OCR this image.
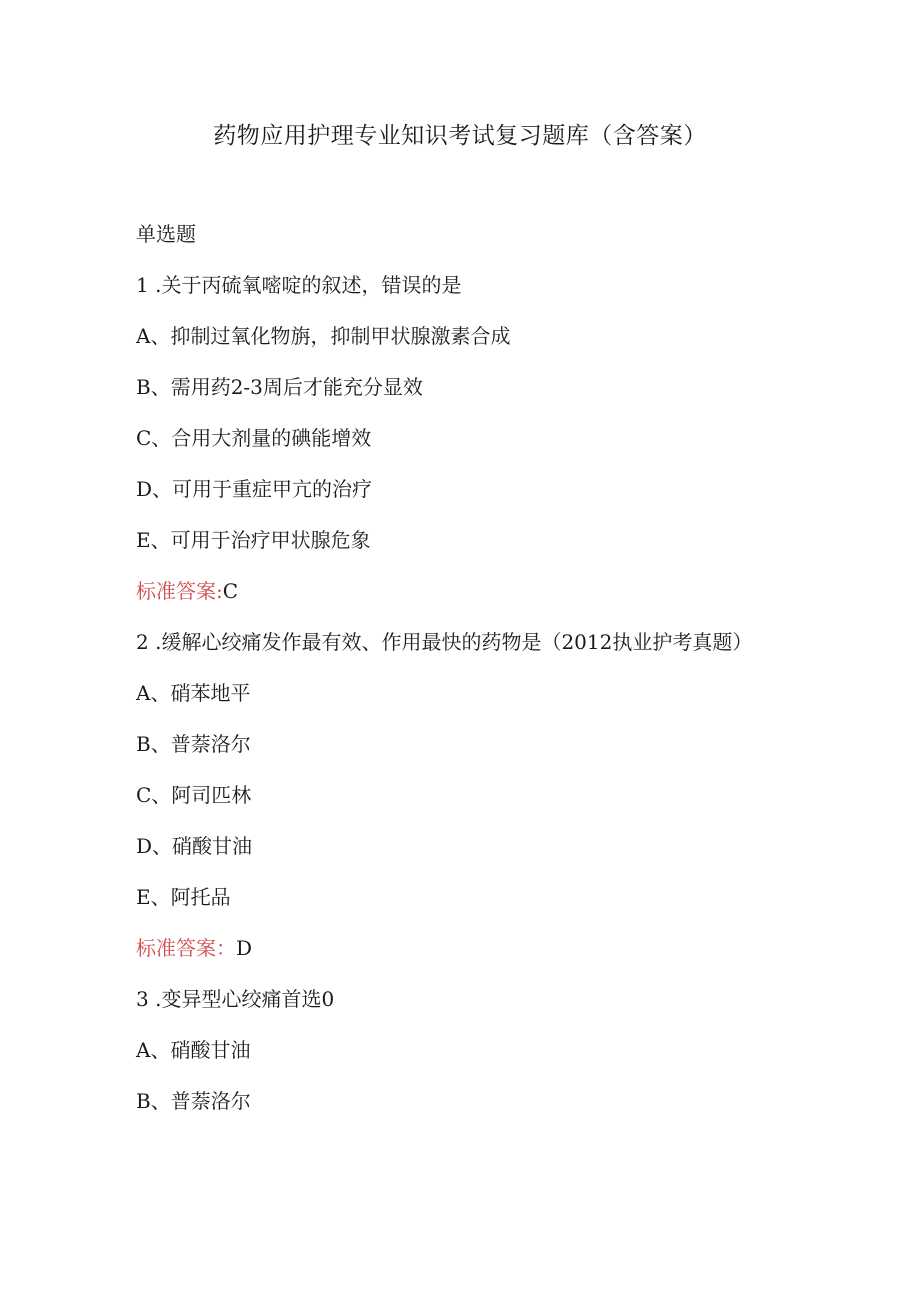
药物应用护理专业知识考试复习题库（含答案）

单选题

1 .关于丙硫氧嘧啶的叙述，错误的是

A、抑制过氧化物旃，抑制甲状腺激素合成

B、需用药2-3周后才能充分显效

C、合用大剂量的碘能增效

D、可用于重症甲亢的治疗

E、可用于治疗甲状腺危象

标准答案:C

2 .缓解心绞痛发作最有效、作用最快的药物是（2012执业护考真题）

A、硝苯地平

B、普萘洛尔

C、阿司匹林

D、硝酸甘油

E、阿托品

标准答案：D

3 .变异型心绞痛首选0

A、硝酸甘油

B、普萘洛尔
